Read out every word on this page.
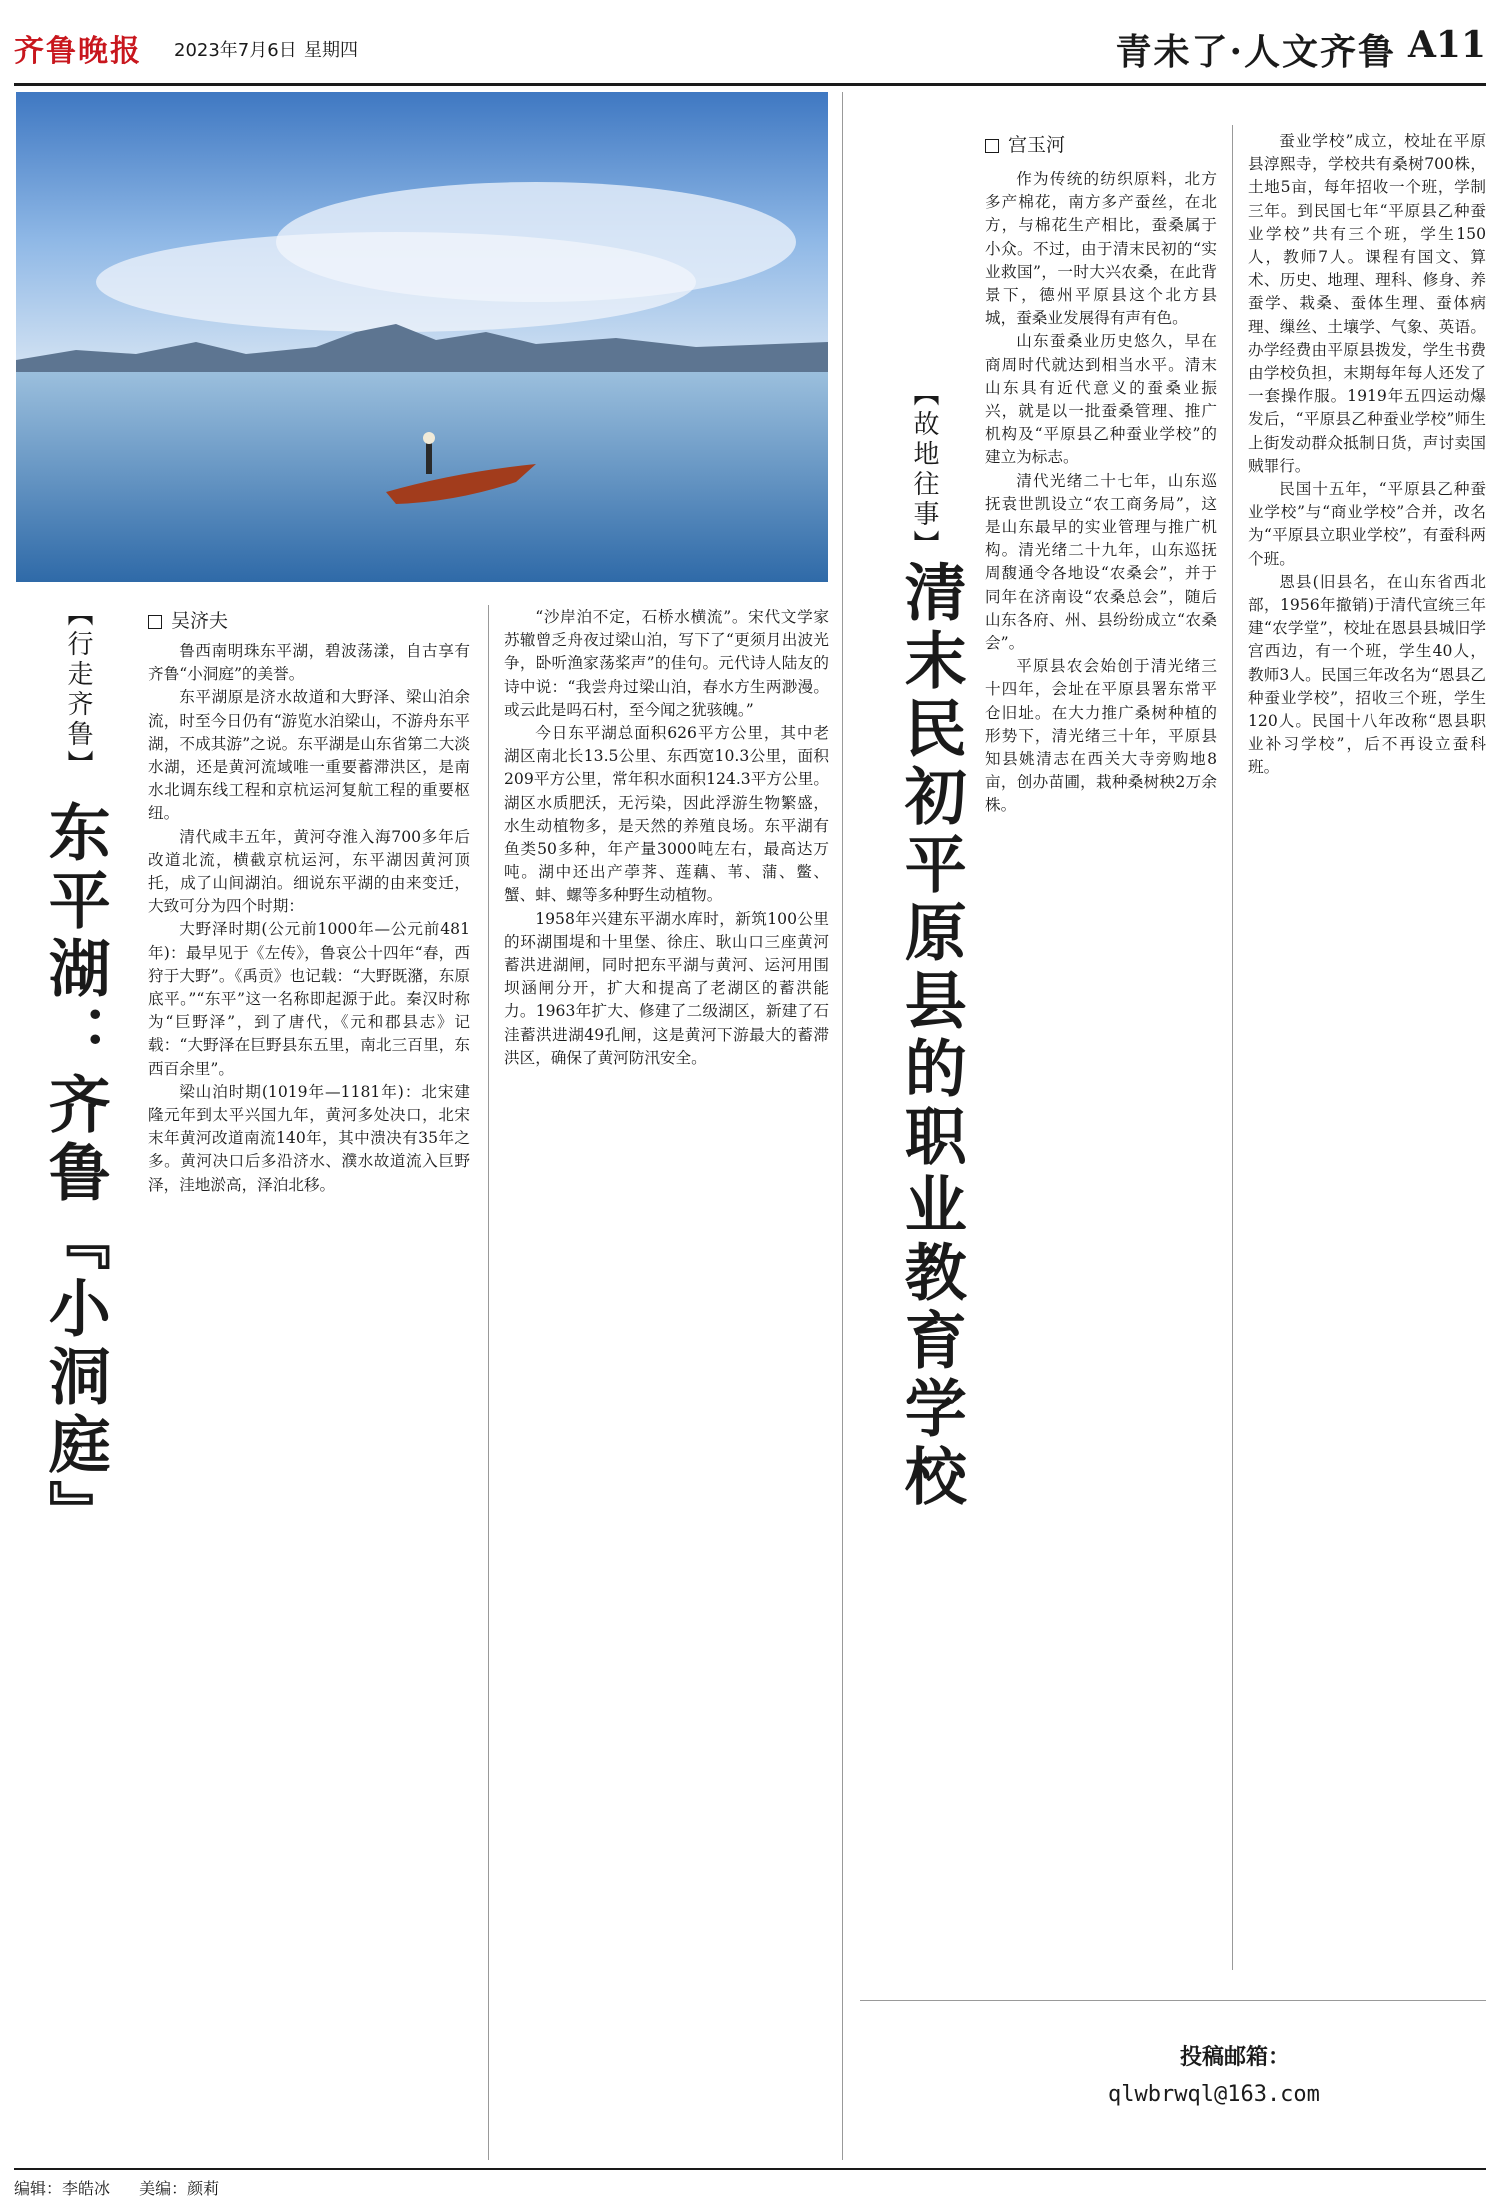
齐鲁晚报 2023年7月6日 星期四	青未了·人文齐鲁 A11
【行走齐鲁】
东平湖：齐鲁『小洞庭』
吴济夫

鲁西南明珠东平湖，碧波荡漾，自古享有齐鲁“小洞庭”的美誉。

东平湖原是济水故道和大野泽、梁山泊余流，时至今日仍有“游览水泊梁山，不游舟东平湖，不成其游”之说。东平湖是山东省第二大淡水湖，还是黄河流域唯一重要蓄滞洪区，是南水北调东线工程和京杭运河复航工程的重要枢纽。

清代咸丰五年，黄河夺淮入海700多年后改道北流，横截京杭运河，东平湖因黄河顶托，成了山间湖泊。细说东平湖的由来变迁，大致可分为四个时期：

大野泽时期(公元前1000年—公元前481年)：最早见于《左传》，鲁哀公十四年“春，西狩于大野”。《禹贡》也记载：“大野既潴，东原底平。”“东平”这一名称即起源于此。秦汉时称为“巨野泽”，到了唐代，《元和郡县志》记载：“大野泽在巨野县东五里，南北三百里，东西百余里”。

梁山泊时期(1019年—1181年)：北宋建隆元年到太平兴国九年，黄河多处决口，北宋末年黄河改道南流140年，其中溃决有35年之多。黄河决口后多沿济水、濮水故道流入巨野泽，洼地淤高，泽泊北移。

“沙岸泊不定，石桥水横流”。宋代文学家苏辙曾乏舟夜过梁山泊，写下了“更须月出波光争，卧听渔家荡桨声”的佳句。元代诗人陆友的诗中说：“我尝舟过梁山泊，春水方生两渺漫。或云此是吗石村，至今闻之犹骇魄。”

今日东平湖总面积626平方公里，其中老湖区南北长13.5公里、东西宽10.3公里，面积209平方公里，常年积水面积124.3平方公里。湖区水质肥沃，无污染，因此浮游生物繁盛，水生动植物多，是天然的养殖良场。东平湖有鱼类50多种，年产量3000吨左右，最高达万吨。湖中还出产荸荠、莲藕、苇、蒲、鳖、蟹、蚌、螺等多种野生动植物。

1958年兴建东平湖水库时，新筑100公里的环湖围堤和十里堡、徐庄、耿山口三座黄河蓄洪进湖闸，同时把东平湖与黄河、运河用围坝涵闸分开，扩大和提高了老湖区的蓄洪能力。1963年扩大、修建了二级湖区，新建了石洼蓄洪进湖49孔闸，这是黄河下游最大的蓄滞洪区，确保了黄河防汛安全。

【故地往事】
清末民初平原县的职业教育学校
宫玉河

作为传统的纺织原料，北方多产棉花，南方多产蚕丝，在北方，与棉花生产相比，蚕桑属于小众。不过，由于清末民初的“实业救国”，一时大兴农桑，在此背景下，德州平原县这个北方县城，蚕桑业发展得有声有色。

山东蚕桑业历史悠久，早在商周时代就达到相当水平。清末山东具有近代意义的蚕桑业振兴，就是以一批蚕桑管理、推广机构及“平原县乙种蚕业学校”的建立为标志。

清代光绪二十七年，山东巡抚袁世凯设立“农工商务局”，这是山东最早的实业管理与推广机构。清光绪二十九年，山东巡抚周馥通令各地设“农桑会”，并于同年在济南设“农桑总会”，随后山东各府、州、县纷纷成立“农桑会”。

平原县农会始创于清光绪三十四年，会址在平原县署东常平仓旧址。在大力推广桑树种植的形势下，清光绪三十年，平原县知县姚清志在西关大寺旁购地8亩，创办苗圃，栽种桑树秧2万余株。

蚕业学校”成立，校址在平原县淳熙寺，学校共有桑树700株，土地5亩，每年招收一个班，学制三年。到民国七年“平原县乙种蚕业学校”共有三个班，学生150人，教师7人。课程有国文、算术、历史、地理、理科、修身、养蚕学、栽桑、蚕体生理、蚕体病理、缫丝、土壤学、气象、英语。办学经费由平原县拨发，学生书费由学校负担，末期每年每人还发了一套操作服。1919年五四运动爆发后，“平原县乙种蚕业学校”师生上街发动群众抵制日货，声讨卖国贼罪行。

民国十五年，“平原县乙种蚕业学校”与“商业学校”合并，改名为“平原县立职业学校”，有蚕科两个班。

恩县(旧县名，在山东省西北部，1956年撤销)于清代宣统三年建“农学堂”，校址在恩县县城旧学宫西边，有一个班，学生40人，教师3人。民国三年改名为“恩县乙种蚕业学校”，招收三个班，学生120人。民国十八年改称“恩县职业补习学校”，后不再设立蚕科班。

投稿邮箱：
qlwbrwql@163.com
编辑：李皓冰 美编：颜莉
